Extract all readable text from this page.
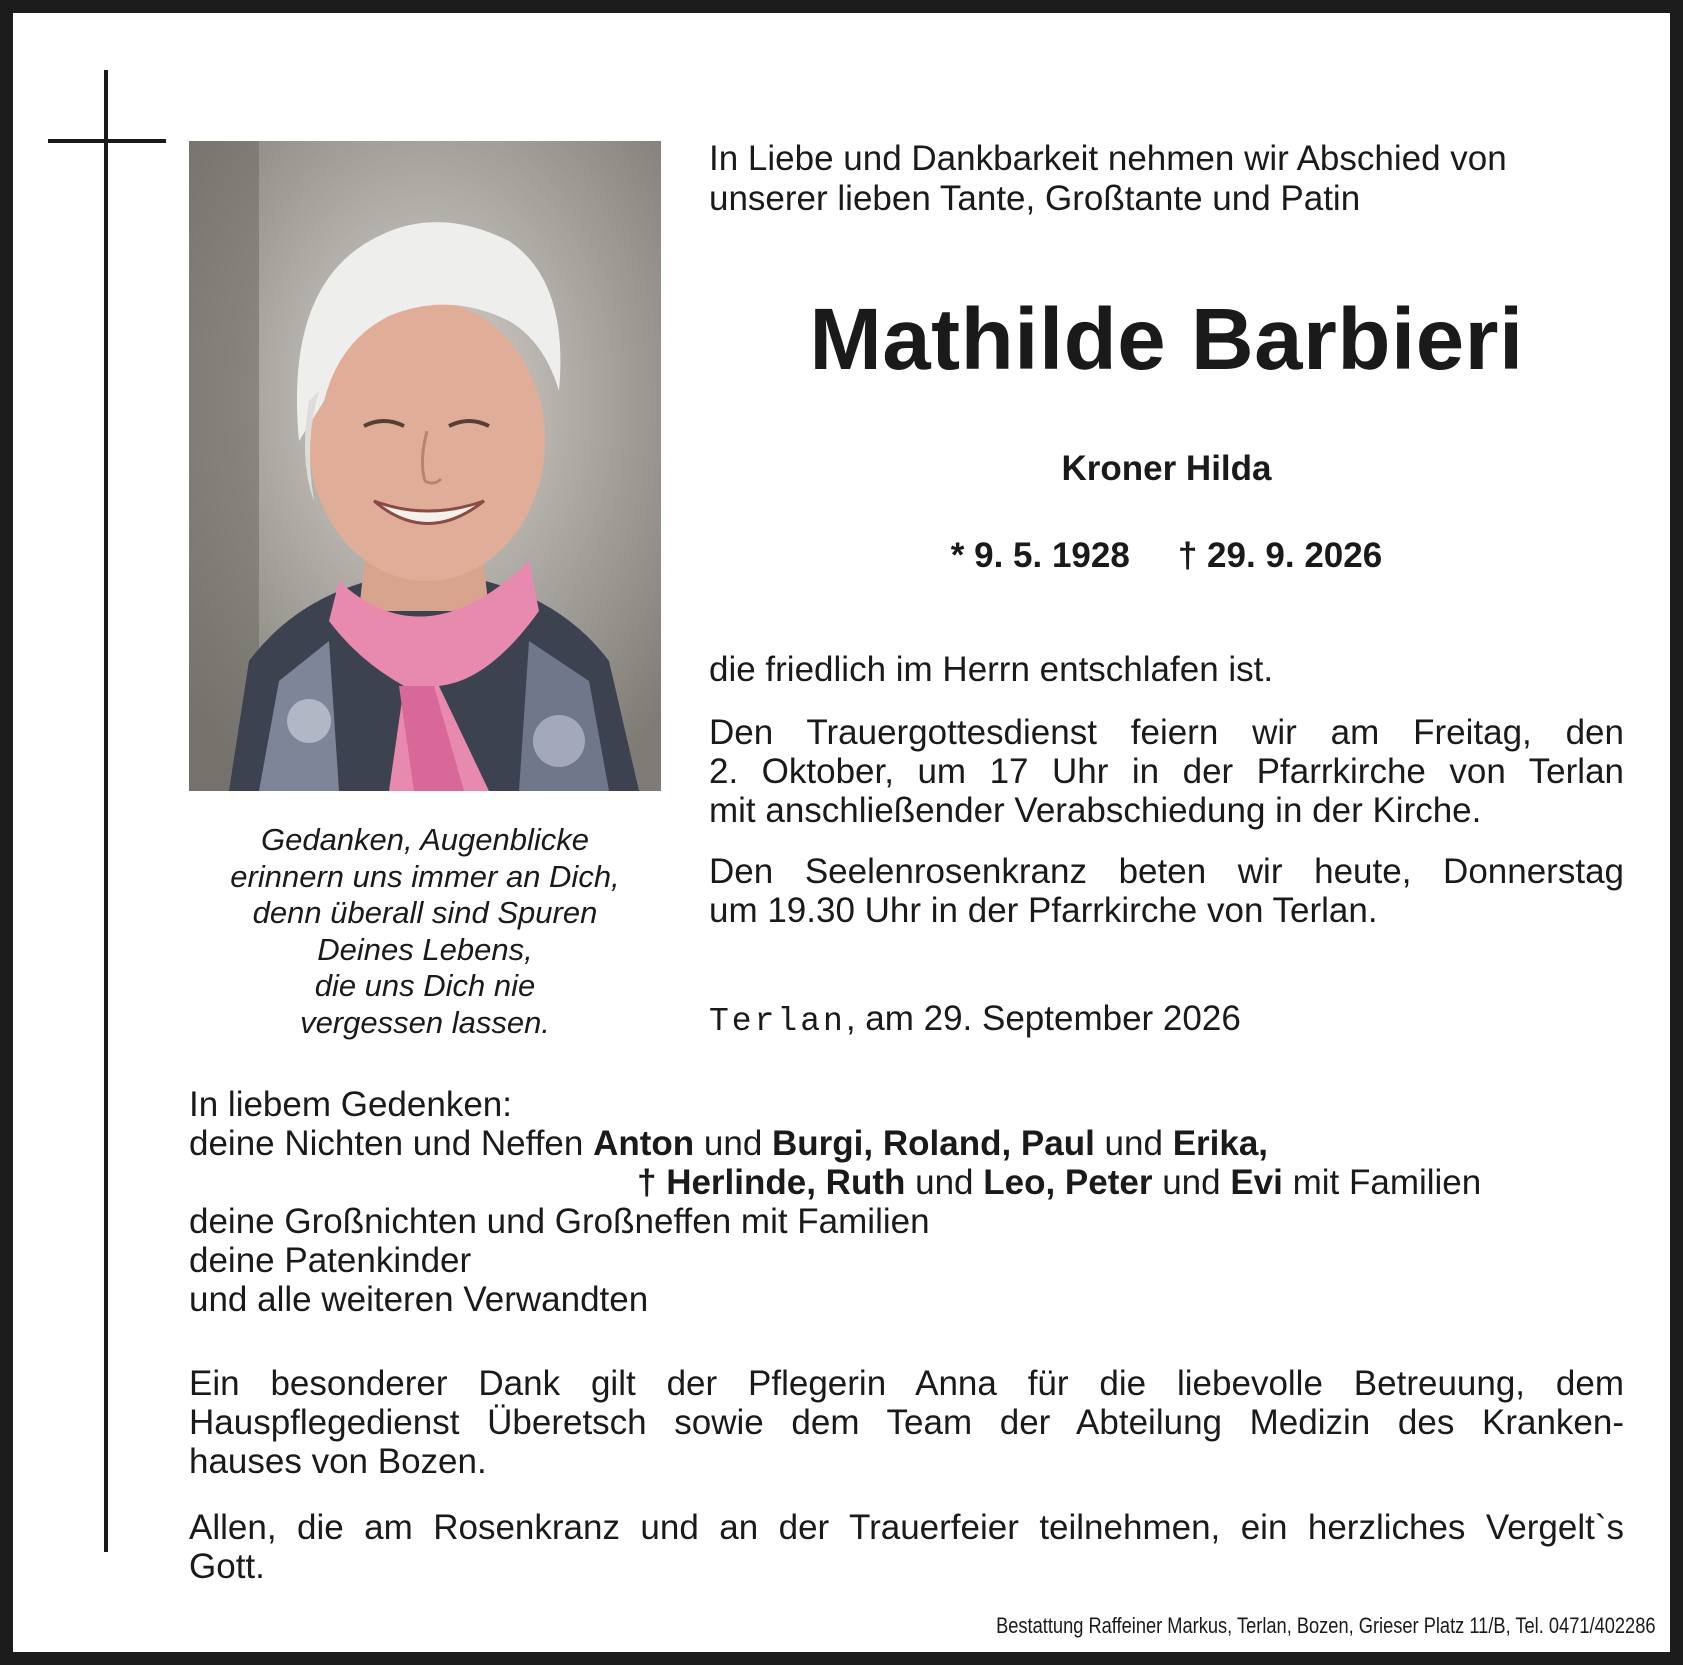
Gedanken, Augenblicke
erinnern uns immer an Dich,
denn überall sind Spuren
Deines Lebens,
die uns Dich nie
vergessen lassen.
In Liebe und Dankbarkeit nehmen wir Abschied von
unserer lieben Tante, Großtante und Patin
Mathilde Barbieri
Kroner Hilda
* 9. 5. 1928 † 29. 9. 2026
die friedlich im Herrn entschlafen ist.
Den Trauergottesdienst feiern wir am Freitag, den
2. Oktober, um 17 Uhr in der Pfarrkirche von Terlan
mit anschließender Verabschiedung in der Kirche.
Den Seelenrosenkranz beten wir heute, Donnerstag
um 19.30 Uhr in der Pfarrkirche von Terlan.
Terlan, am 29. September 2026
In liebem Gedenken:
deine Nichten und Neffen Anton und Burgi, Roland, Paul und Erika,
† Herlinde, Ruth und Leo, Peter und Evi mit Familien
deine Großnichten und Großneffen mit Familien
deine Patenkinder
und alle weiteren Verwandten
Ein besonderer Dank gilt der Pflegerin Anna für die liebevolle Betreuung, dem
Hauspflegedienst Überetsch sowie dem Team der Abteilung Medizin des Kranken-
hauses von Bozen.
Allen, die am Rosenkranz und an der Trauerfeier teilnehmen, ein herzliches Vergelt`s
Gott.
Bestattung Raffeiner Markus, Terlan, Bozen, Grieser Platz 11/B, Tel. 0471/402286
